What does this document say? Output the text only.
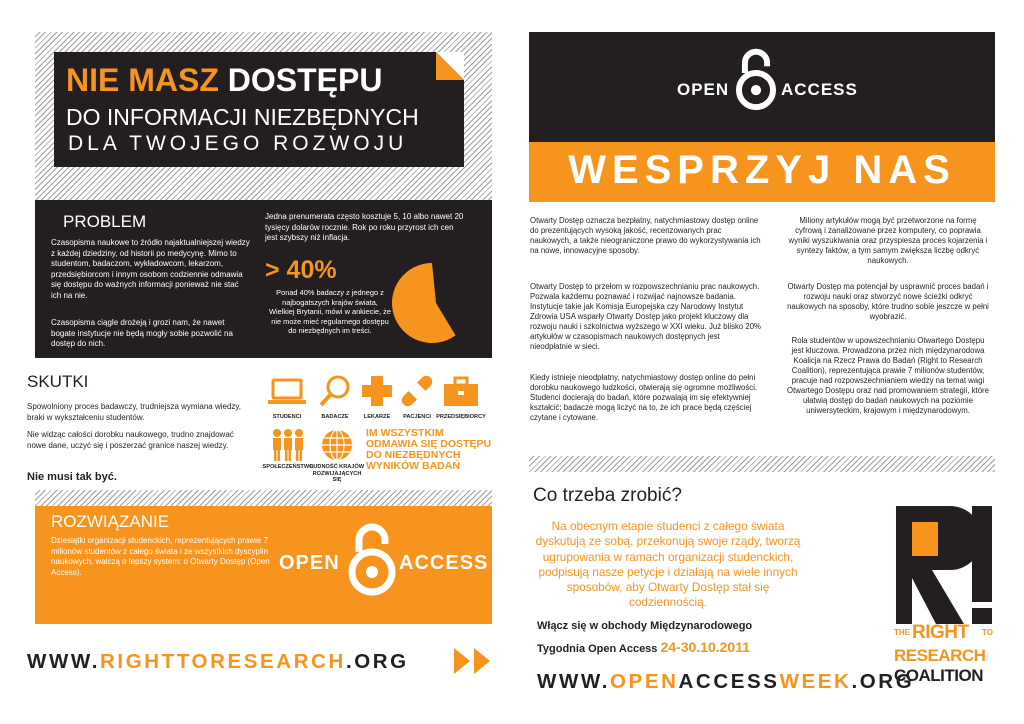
NIE MASZ DOSTĘPU
DO INFORMACJI NIEZBĘDNYCH
DLA TWOJEGO ROZWOJU
PROBLEM
Czasopisma naukowe to źródło najaktualniejszej wiedzy z każdej dziedziny, od historii po medycynę. Mimo to studentom, badaczom, wykładowcom, lekarzom, przedsiębiorcom i innym osobom codziennie odmawia się dostępu do ważnych informacji ponieważ nie stać ich na nie.
Czasopisma ciągle drożeją i grozi nam, że nawet bogate instytucje nie będą mogły sobie pozwolić na dostęp do nich.
Jedna prenumerata często kosztuje 5, 10 albo nawet 20 tysięcy dolarów rocznie. Rok po roku przyrost ich cen jest szybszy niż inflacja.
> 40%
Ponad 40% badaczy z jednego z najbogatszych krajów świata, Wielkiej Brytanii, mówi w ankiecie, że nie może mieć regularnego dostępu do niezbędnych im treści.
SKUTKI
Spowolniony proces badawczy, trudniejsza wymiana wiedzy, braki w wykształceniu studentów.
Nie widząc całości dorobku naukowego, trudno znajdować nowe dane, uczyć się i poszerzać granice naszej wiedzy.
Nie musi tak być.
STUDENCI	BADACZE	LEKARZE	PACJENCI PRZEDSIĘBIORCY
SPOŁECZEŃSTWO
LUDNOŚĆ KRAJÓW ROZWIJAJĄCYCH SIĘ
IM WSZYSTKIM ODMAWIA SIĘ DOSTĘPU DO NIEZBĘDNYCH WYNIKÓW BADAŃ
ROZWIĄZANIE
Dziesiątki organizacji studenckich, reprezentujących prawie 7 milionów studentów z całego świata i ze wszystkich dyscyplin naukowych, walczą o lepszy system: o Otwarty Dostęp (Open Access).	OPEN	ACCESS
WWW.RIGHTTORESEARCH.ORG
OPEN	ACCESS
WESPRZYJ NAS
Otwarty Dostęp oznacza bezpłatny, natychmiastowy dostęp online do prezentujących wysoką jakość, recenzowanych prac naukowych, a także nieograniczone prawo do wykorzystywania ich na nowe, innowacyjne sposoby.
Otwarty Dostęp to przełom w rozpowszechnianiu prac naukowych. Pozwala każdemu poznawać i rozwijać najnowsze badania. Instytucje takie jak Komisja Europejska czy Narodowy Instytut Zdrowia USA wsparły Otwarty Dostęp jako projekt kluczowy dla rozwoju nauki i szkolnictwa wyższego w XXI wieku. Już blisko 20% artykułów w czasopismach naukowych dostępnych jest nieodpłatnie w sieci.
Kiedy istnieje nieodpłatny, natychmiastowy dostęp online do pełni dorobku naukowego ludzkości, otwierają się ogromne możliwości. Studenci docierają do badań, które pozwalają im się efektywniej kształcić; badacze mogą liczyć na to, że ich prace będą częściej czytane i cytowane.
Miliony artykułów mogą być przetworzone na formę cyfrową i zanalizowane przez komputery, co poprawia wyniki wyszukiwania oraz przyspiesza proces kojarzenia i syntezy faktów, a tym samym zwiększa liczbę odkryć naukowych.
Otwarty Dostęp ma potencjał by usprawnić proces badań i rozwoju nauki oraz stworzyć nowe ścieżki odkryć naukowych na sposoby, które trudno sobie jeszcze w pełni wyobrazić.
Rola studentów w upowszechnianiu Otwartego Dostępu jest kluczowa. Prowadzona przez nich międzynarodowa Koalicja na Rzecz Prawa do Badań (Right to Research Coalition), reprezentująca prawie 7 milionów studentów, pracuje nad rozpowszechnianiem wiedzy na temat wagi Otwartego Dostępu oraz nad promowaniem strategii, które ułatwią dostęp do badań naukowych na poziomie uniwersyteckim, krajowym i międzynarodowym.
Co trzeba zrobić?
Na obecnym etapie studenci z całego świata dyskutują ze sobą, przekonują swoje rządy, tworzą ugrupowania w ramach organizacji studenckich, podpisują nasze petycje i działają na wiele innych sposobów, aby Otwarty Dostęp stał się codziennością.
Włącz się w obchody Międzynarodowego
Tygodnia Open Access 24-30.10.2011
WWW.OPENACCESSWEEK.ORG
THE RIGHT TO
RESEARCH
COALITION
